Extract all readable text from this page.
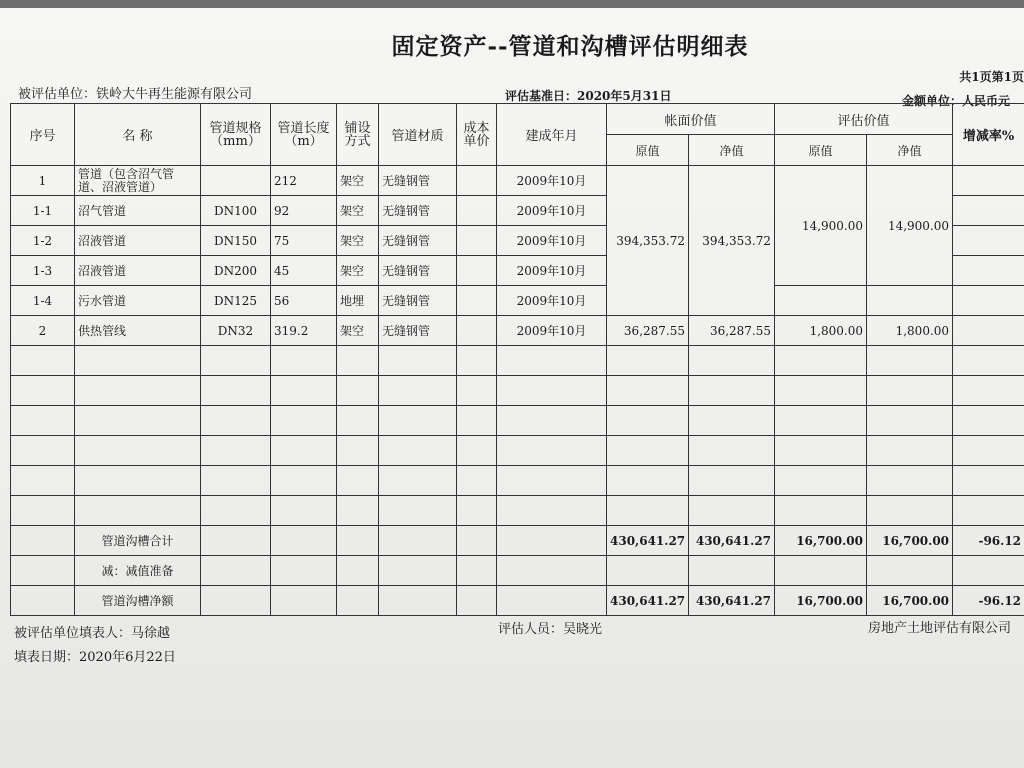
固定资产--管道和沟槽评估明细表
共1页第1页
被评估单位：铁岭大牛再生能源有限公司	评估基准日：2020年5月31日	金额单位：人民币元
序号	名 称	管道规格（mm）	管道长度（m）	铺设方式	管道材质	成本单价	建成年月	帐面价值		评估价值		增减率%
								原值	净值	原值	净值	
1	管道（包含沼气管道、沼液管道）		212	架空	无缝钢管		2009年10月	394,353.72	394,353.72	14,900.00	14,900.00	
1-1	沼气管道	DN100	92	架空	无缝钢管		2009年10月					
1-2	沼液管道	DN150	75	架空	无缝钢管		2009年10月					
1-3	沼液管道	DN200	45	架空	无缝钢管		2009年10月					
1-4	污水管道	DN125	56	地埋	无缝钢管		2009年10月					
2	供热管线	DN32	319.2	架空	无缝钢管		2009年10月	36,287.55	36,287.55	1,800.00	1,800.00	

	管道沟槽合计							430,641.27	430,641.27	16,700.00	16,700.00	-96.12
	减：减值准备											
	管道沟槽净额							430,641.27	430,641.27	16,700.00	16,700.00	-96.12
被评估单位填表人：马徐越
填表日期：2020年6月22日
评估人员：吴晓光	房地产土地评估有限公司
